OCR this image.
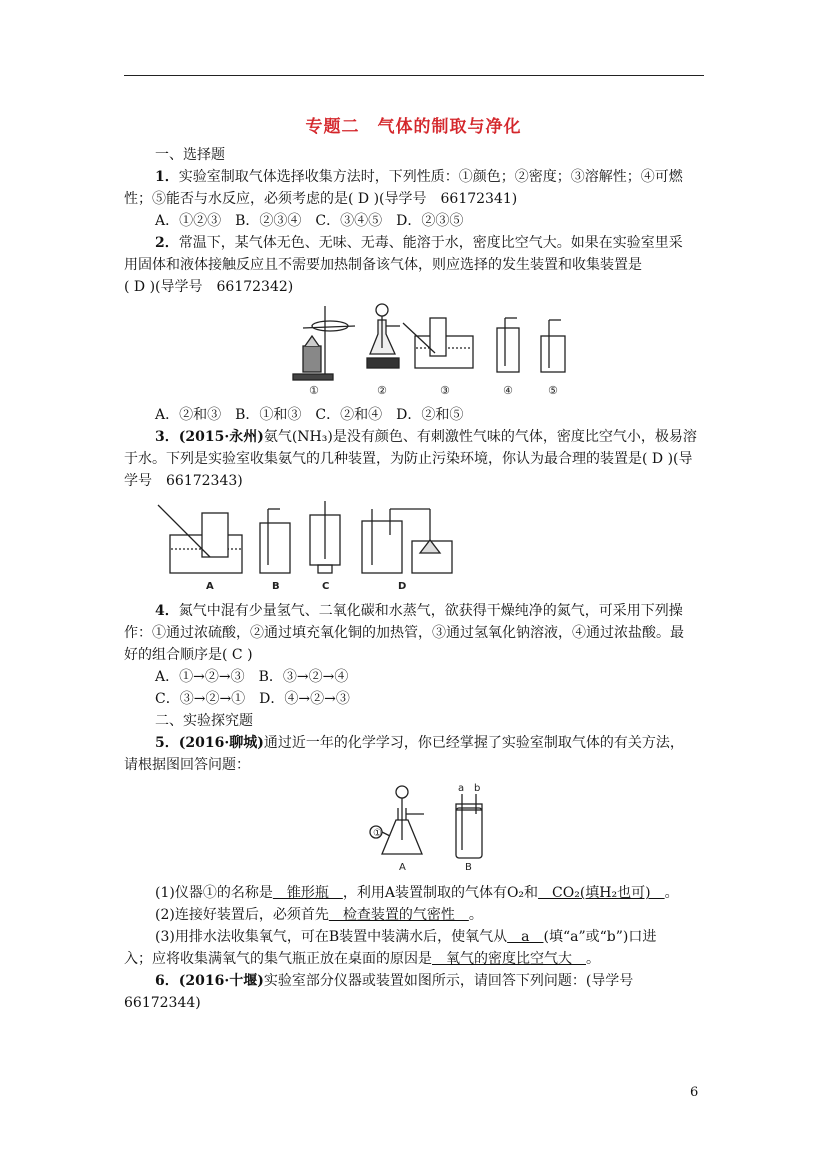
专题二　气体的制取与净化
一、选择题
1．实验室制取气体选择收集方法时，下列性质：①颜色；②密度；③溶解性；④可燃
性；⑤能否与水反应，必须考虑的是( D )(导学号　66172341)
A．①②③　B．②③④　C．③④⑤　D．②③⑤
2．常温下，某气体无色、无味、无毒、能溶于水，密度比空气大。如果在实验室里采
用固体和液体接触反应且不需要加热制备该气体，则应选择的发生装置和收集装置是
( D )(导学号　66172342)
①	②	③	④	⑤
A．②和③　B．①和③　C．②和④　D．②和⑤
3．(2015·永州)氨气(NH₃)是没有颜色、有刺激性气味的气体，密度比空气小，极易溶
于水。下列是实验室收集氨气的几种装置，为防止污染环境，你认为最合理的装置是( D )(导
学号　66172343)
A	B	C	D
4．氮气中混有少量氢气、二氧化碳和水蒸气，欲获得干燥纯净的氮气，可采用下列操
作：①通过浓硫酸，②通过填充氧化铜的加热管，③通过氢氧化钠溶液，④通过浓盐酸。最
好的组合顺序是( C )
A．①→②→③　B．③→②→④
C．③→②→①　D．④→②→③
二、实验探究题
5．(2016·聊城)通过近一年的化学学习，你已经掌握了实验室制取气体的有关方法，
请根据图回答问题：
①
A
a b
B
(1)仪器①的名称是　锥形瓶　，利用A装置制取的气体有O₂和　CO₂(填H₂也可)　。
(2)连接好装置后，必须首先　检查装置的气密性　。
(3)用排水法收集氧气，可在B装置中装满水后，使氧气从　a　(填“a”或“b”)口进
入；应将收集满氧气的集气瓶正放在桌面的原因是　氧气的密度比空气大　。
6．(2016·十堰)实验室部分仪器或装置如图所示，请回答下列问题：(导学号
66172344)
6
